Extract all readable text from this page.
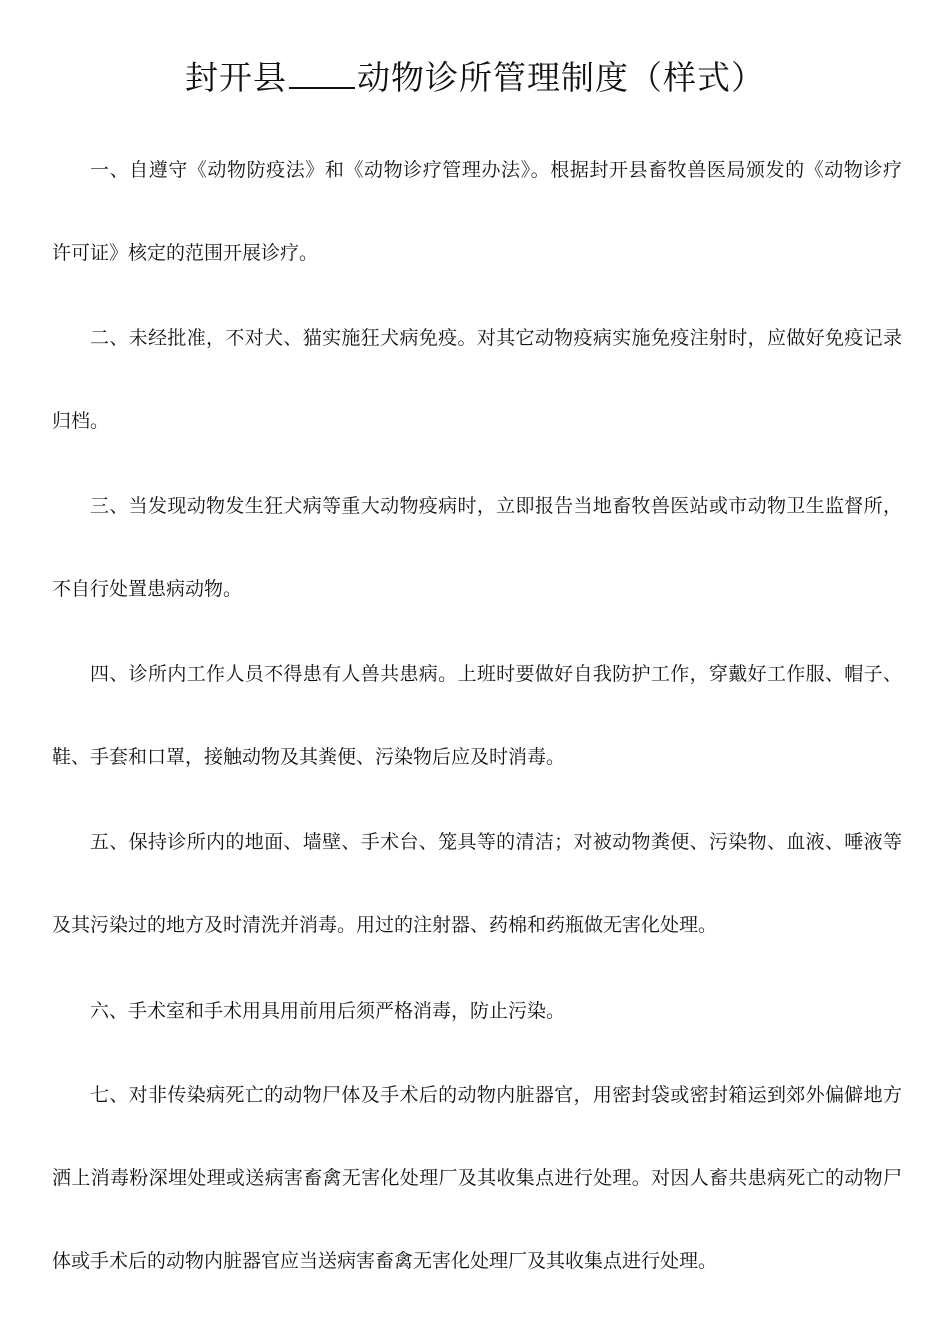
封开县 动物诊所管理制度（样式）
一、自遵守《动物防疫法》和《动物诊疗管理办法》。根据封开县畜牧兽医局颁发的《动物诊疗
许可证》核定的范围开展诊疗。
二、未经批准，不对犬、猫实施狂犬病免疫。对其它动物疫病实施免疫注射时，应做好免疫记录
归档。
三、当发现动物发生狂犬病等重大动物疫病时，立即报告当地畜牧兽医站或市动物卫生监督所，
不自行处置患病动物。
四、诊所内工作人员不得患有人兽共患病。上班时要做好自我防护工作，穿戴好工作服、帽子、
鞋、手套和口罩，接触动物及其粪便、污染物后应及时消毒。
五、保持诊所内的地面、墙壁、手术台、笼具等的清洁；对被动物粪便、污染物、血液、唾液等
及其污染过的地方及时清洗并消毒。用过的注射器、药棉和药瓶做无害化处理。
六、手术室和手术用具用前用后须严格消毒，防止污染。
七、对非传染病死亡的动物尸体及手术后的动物内脏器官，用密封袋或密封箱运到郊外偏僻地方
洒上消毒粉深埋处理或送病害畜禽无害化处理厂及其收集点进行处理。对因人畜共患病死亡的动物尸
体或手术后的动物内脏器官应当送病害畜禽无害化处理厂及其收集点进行处理。
